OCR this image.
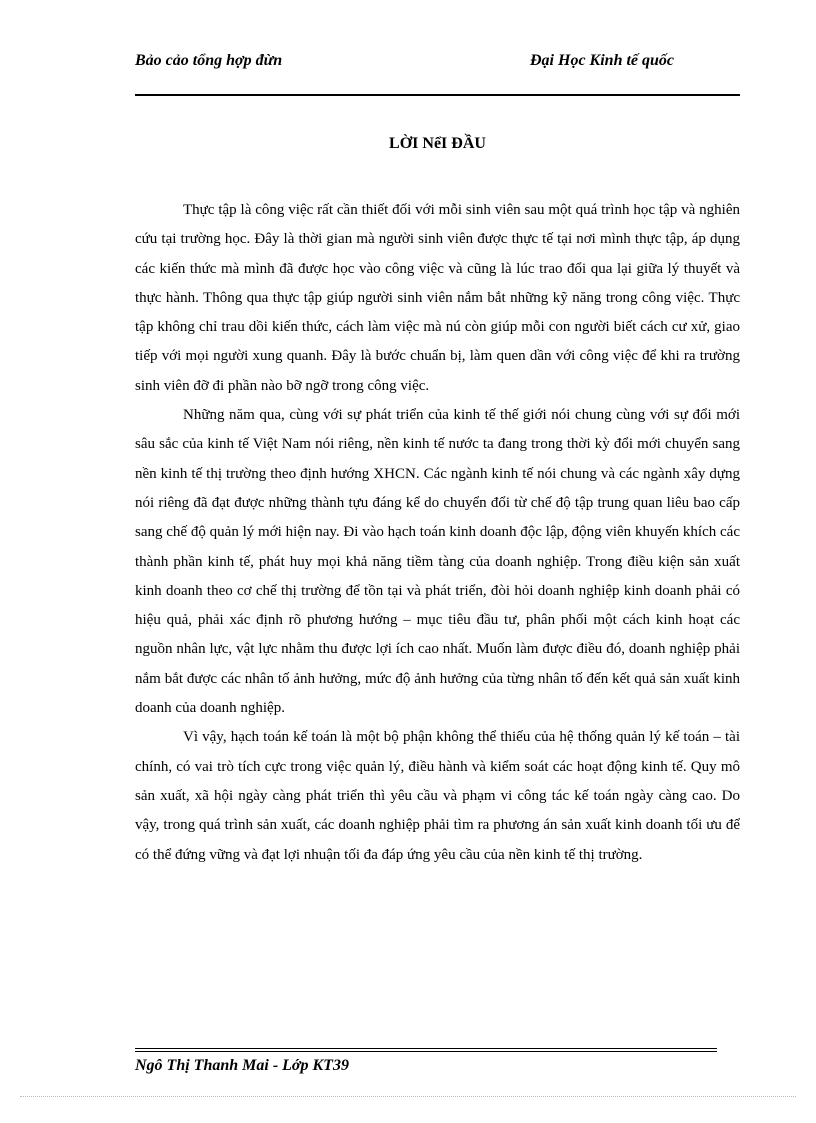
Bảo cảo tổng hợp đừn	Đại Học Kinh tế quốc
LỜI NểI ĐẦU

Thực tập là công việc rất cần thiết đối với mỗi sinh viên sau một quá trình học tập và nghiên cứu tại trường học. Đây là thời gian mà người sinh viên được thực tế tại nơi mình thực tập, áp dụng các kiến thức mà mình đã được học vào công việc và cũng là lúc trao đổi qua lại giữa lý thuyết và thực hành. Thông qua thực tập giúp người sinh viên nắm bắt những kỹ năng trong công việc. Thực tập không chỉ trau dồi kiến thức, cách làm việc mà nú còn giúp mỗi con người biết cách cư xử, giao tiếp với mọi người xung quanh. Đây là bước chuẩn bị, làm quen dần với công việc để khi ra trường sinh viên đỡ đi phần nào bỡ ngỡ trong công việc.

Những năm qua, cùng với sự phát triển của kinh tế thế giới nói chung cùng với sự đổi mới sâu sắc của kinh tế Việt Nam nói riêng, nền kinh tế nước ta đang trong thời kỳ đổi mới chuyển sang nền kinh tế thị trường theo định hướng XHCN. Các ngành kinh tế nói chung và các ngành xây dựng nói riêng đã đạt được những thành tựu đáng kể do chuyển đổi từ chế độ tập trung quan liêu bao cấp sang chế độ quản lý mới hiện nay. Đi vào hạch toán kinh doanh độc lập, động viên khuyến khích các thành phần kinh tế, phát huy mọi khả năng tiềm tàng của doanh nghiệp. Trong điều kiện sản xuất kinh doanh theo cơ chế thị trường để tồn tại và phát triển, đòi hỏi doanh nghiệp kinh doanh phải có hiệu quả, phải xác định rõ phương hướng – mục tiêu đầu tư, phân phối một cách kinh hoạt các nguồn nhân lực, vật lực nhằm thu được lợi ích cao nhất. Muốn làm được điều đó, doanh nghiệp phải nắm bắt được các nhân tố ảnh hưởng, mức độ ảnh hưởng của từng nhân tố đến kết quả sản xuất kinh doanh của doanh nghiệp.

Vì vậy, hạch toán kế toán là một bộ phận không thể thiếu của hệ thống quản lý kế toán – tài chính, có vai trò tích cực trong việc quản lý, điều hành và kiểm soát các hoạt động kinh tế. Quy mô sản xuất, xã hội ngày càng phát triển thì yêu cầu và phạm vi công tác kế toán ngày càng cao. Do vậy, trong quá trình sản xuất, các doanh nghiệp phải tìm ra phương án sản xuất kinh doanh tối ưu để có thể đứng vững và đạt lợi nhuận tối đa đáp ứng yêu cầu của nền kinh tế thị trường.

Ngô Thị Thanh Mai - Lớp KT39
